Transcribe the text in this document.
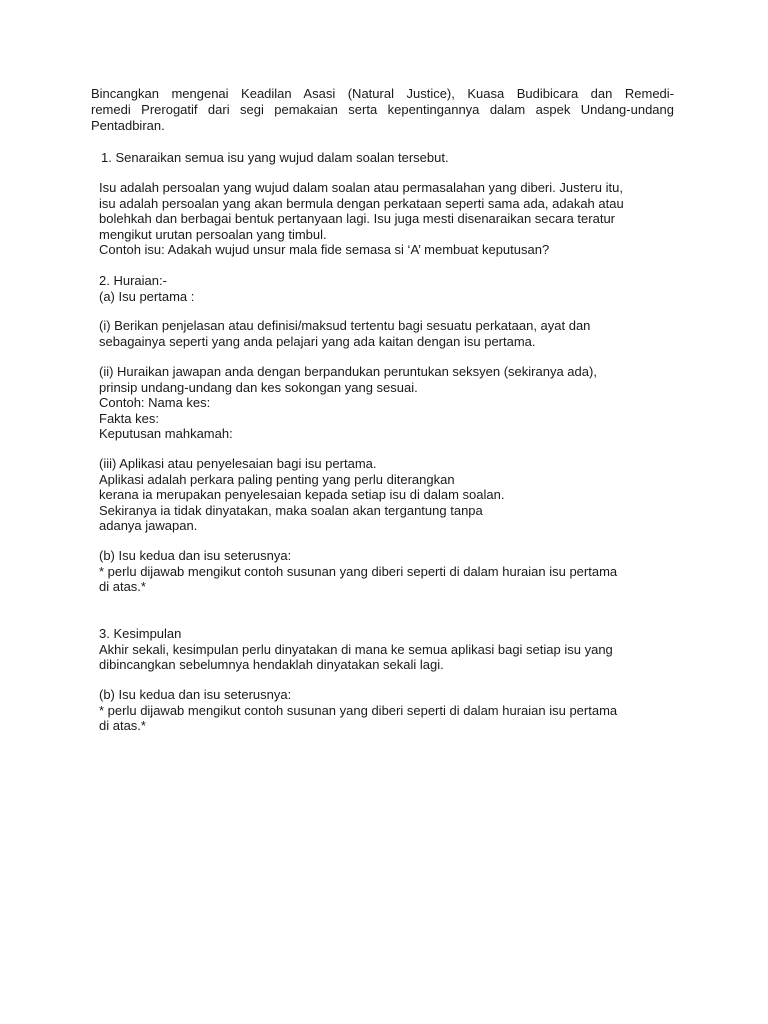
Bincangkan mengenai Keadilan Asasi (Natural Justice), Kuasa Budibicara dan Remedi-
remedi Prerogatif dari segi pemakaian serta kepentingannya dalam aspek Undang-undang
Pentadbiran.
1. Senaraikan semua isu yang wujud dalam soalan tersebut.
Isu adalah persoalan yang wujud dalam soalan atau permasalahan yang diberi. Justeru itu,
isu adalah persoalan yang akan bermula dengan perkataan seperti sama ada, adakah atau
bolehkah dan berbagai bentuk pertanyaan lagi. Isu juga mesti disenaraikan secara teratur
mengikut urutan persoalan yang timbul.
Contoh isu: Adakah wujud unsur mala fide semasa si ‘A’ membuat keputusan?
2. Huraian:-
(a) Isu pertama :
(i) Berikan penjelasan atau definisi/maksud tertentu bagi sesuatu perkataan, ayat dan
sebagainya seperti yang anda pelajari yang ada kaitan dengan isu pertama.
(ii) Huraikan jawapan anda dengan berpandukan peruntukan seksyen (sekiranya ada),
prinsip undang-undang dan kes sokongan yang sesuai.
Contoh: Nama kes:
Fakta kes:
Keputusan mahkamah:
(iii) Aplikasi atau penyelesaian bagi isu pertama.
Aplikasi adalah perkara paling penting yang perlu diterangkan
kerana ia merupakan penyelesaian kepada setiap isu di dalam soalan.
Sekiranya ia tidak dinyatakan, maka soalan akan tergantung tanpa
adanya jawapan.
(b) Isu kedua dan isu seterusnya:
* perlu dijawab mengikut contoh susunan yang diberi seperti di dalam huraian isu pertama
di atas.*
3. Kesimpulan
Akhir sekali, kesimpulan perlu dinyatakan di mana ke semua aplikasi bagi setiap isu yang
dibincangkan sebelumnya hendaklah dinyatakan sekali lagi.
(b) Isu kedua dan isu seterusnya:
* perlu dijawab mengikut contoh susunan yang diberi seperti di dalam huraian isu pertama
di atas.*
